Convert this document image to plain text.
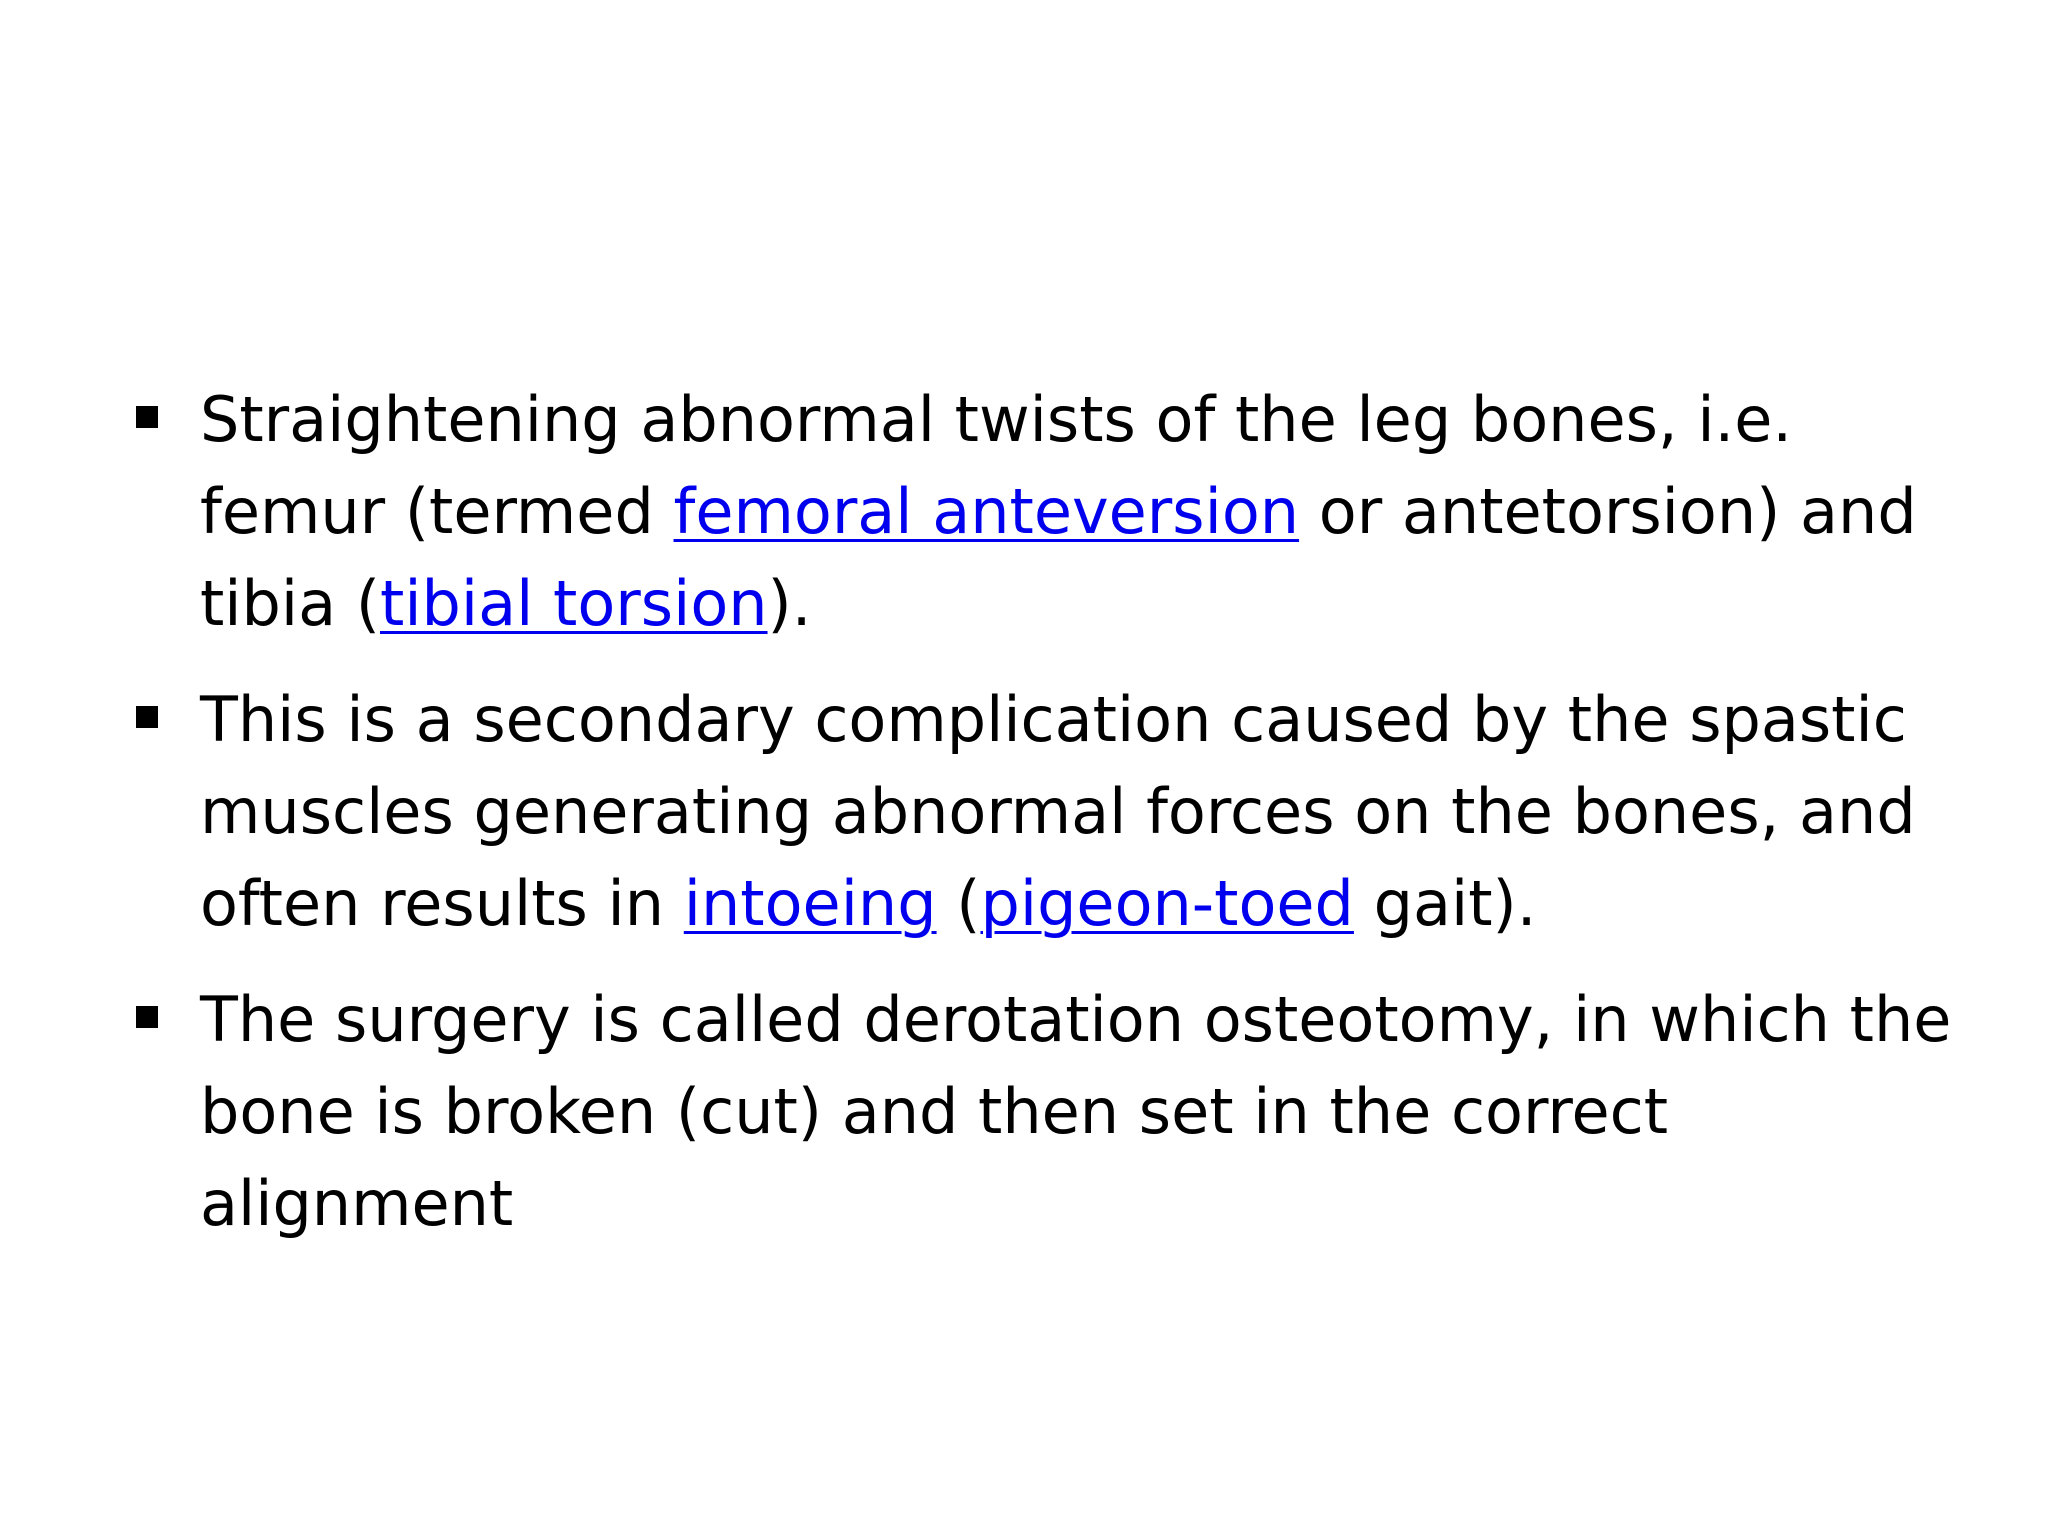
Straightening abnormal twists of the leg bones, i.e. femur (termed femoral anteversion or antetorsion) and tibia (tibial torsion).
This is a secondary complication caused by the spastic muscles generating abnormal forces on the bones, and often results in intoeing (pigeon-toed gait).
The surgery is called derotation osteotomy, in which the bone is broken (cut) and then set in the correct alignment
